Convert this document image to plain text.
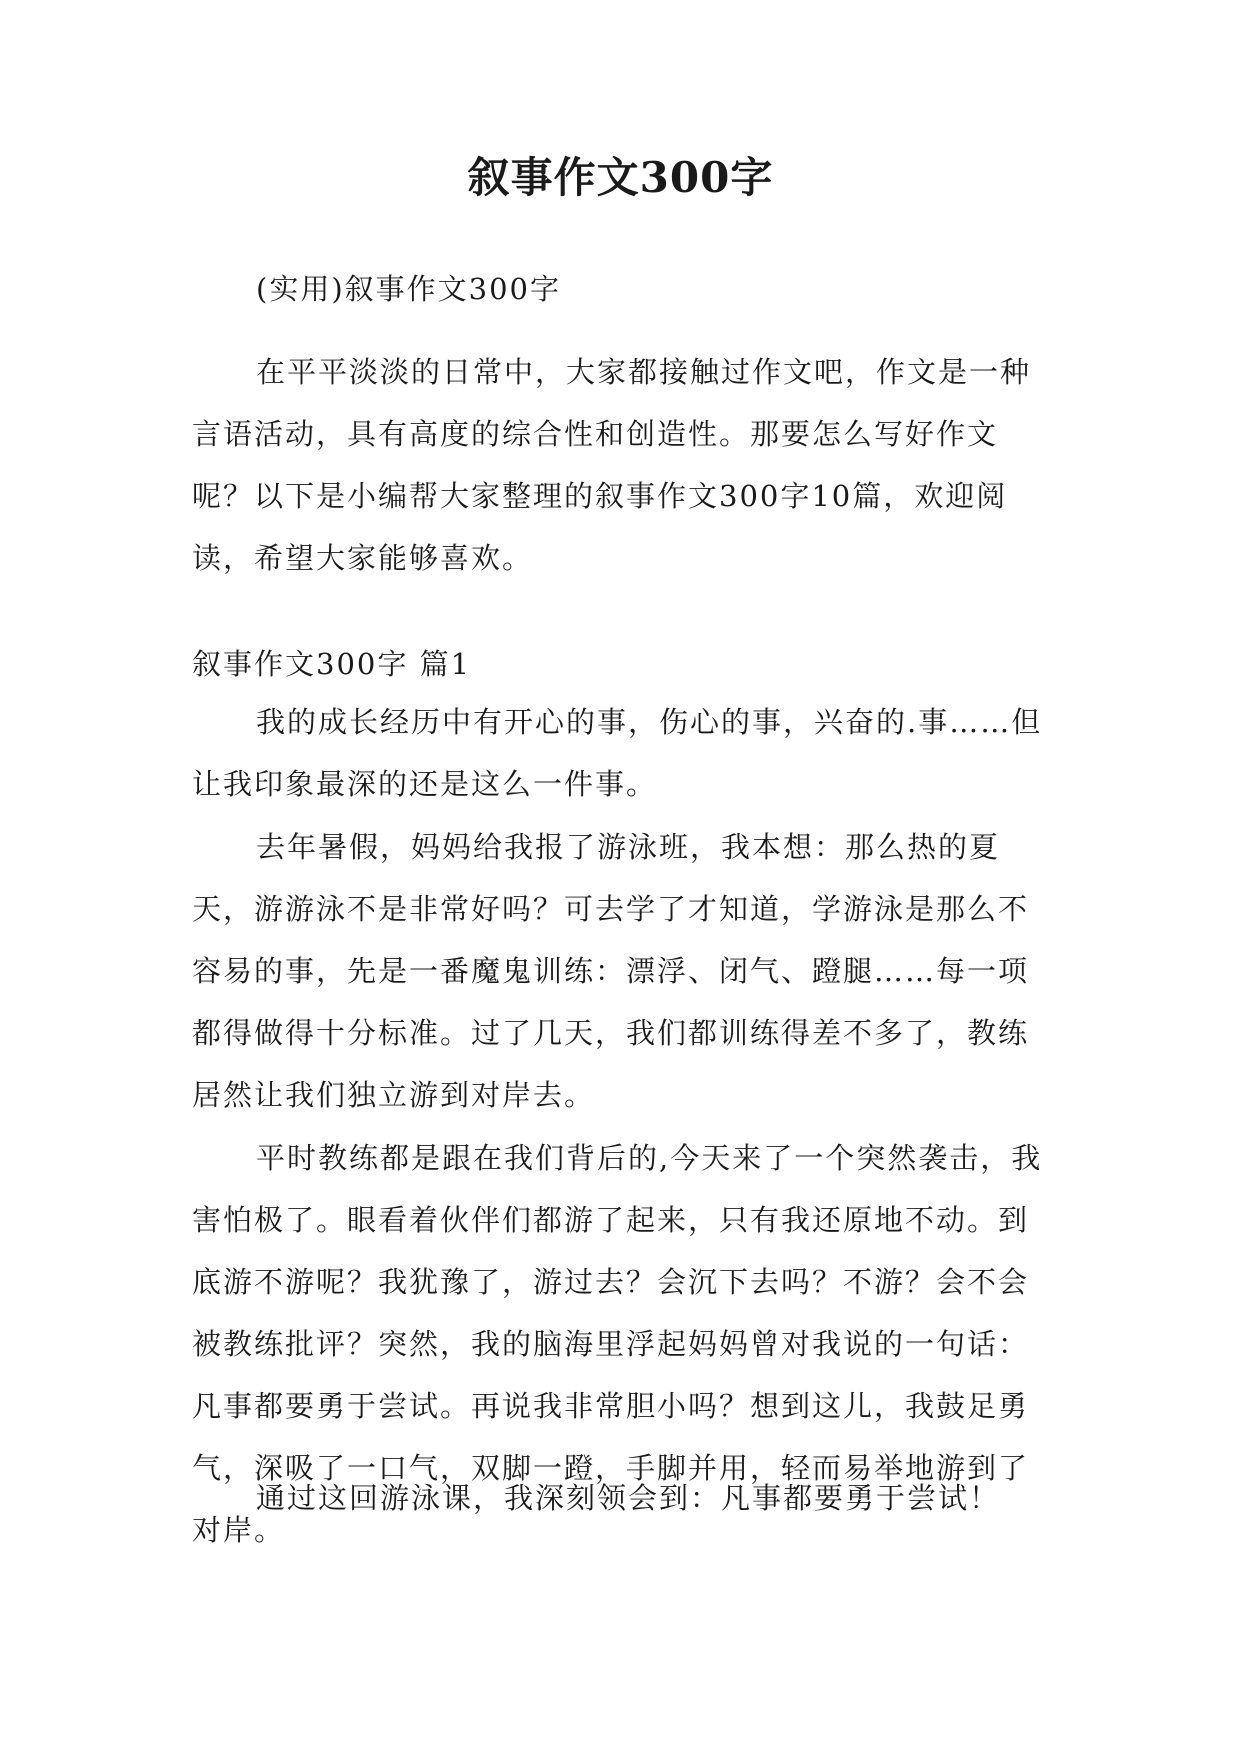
叙事作文300字

(实用)叙事作文300字

在平平淡淡的日常中，大家都接触过作文吧，作文是一种言语活动，具有高度的综合性和创造性。那要怎么写好作文呢？以下是小编帮大家整理的叙事作文300字10篇，欢迎阅读，希望大家能够喜欢。

叙事作文300字 篇1

我的成长经历中有开心的事，伤心的事，兴奋的.事……但让我印象最深的还是这么一件事。

去年暑假，妈妈给我报了游泳班，我本想：那么热的夏天，游游泳不是非常好吗？可去学了才知道，学游泳是那么不容易的事，先是一番魔鬼训练：漂浮、闭气、蹬腿……每一项都得做得十分标准。过了几天，我们都训练得差不多了，教练居然让我们独立游到对岸去。

平时教练都是跟在我们背后的,今天来了一个突然袭击，我害怕极了。眼看着伙伴们都游了起来，只有我还原地不动。到底游不游呢？我犹豫了，游过去？会沉下去吗？不游？会不会被教练批评？突然，我的脑海里浮起妈妈曾对我说的一句话：凡事都要勇于尝试。再说我非常胆小吗？想到这儿，我鼓足勇气，深吸了一口气，双脚一蹬，手脚并用，轻而易举地游到了对岸。

通过这回游泳课，我深刻领会到：凡事都要勇于尝试！
